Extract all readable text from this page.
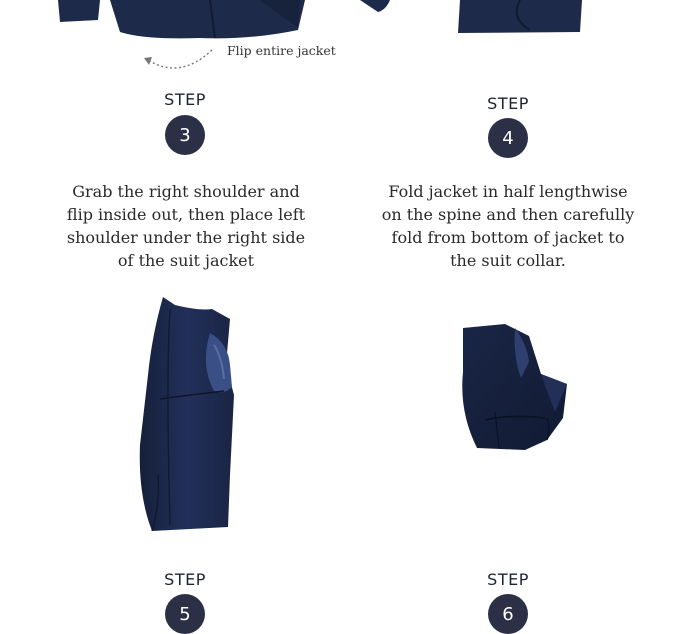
Flip entire jacket
STEP
3
Grab the right shoulder and
flip inside out, then place left
shoulder under the right side
of the suit jacket
STEP
4
Fold jacket in half lengthwise
on the spine and then carefully
fold from bottom of jacket to
the suit collar.
STEP
5
STEP
6
